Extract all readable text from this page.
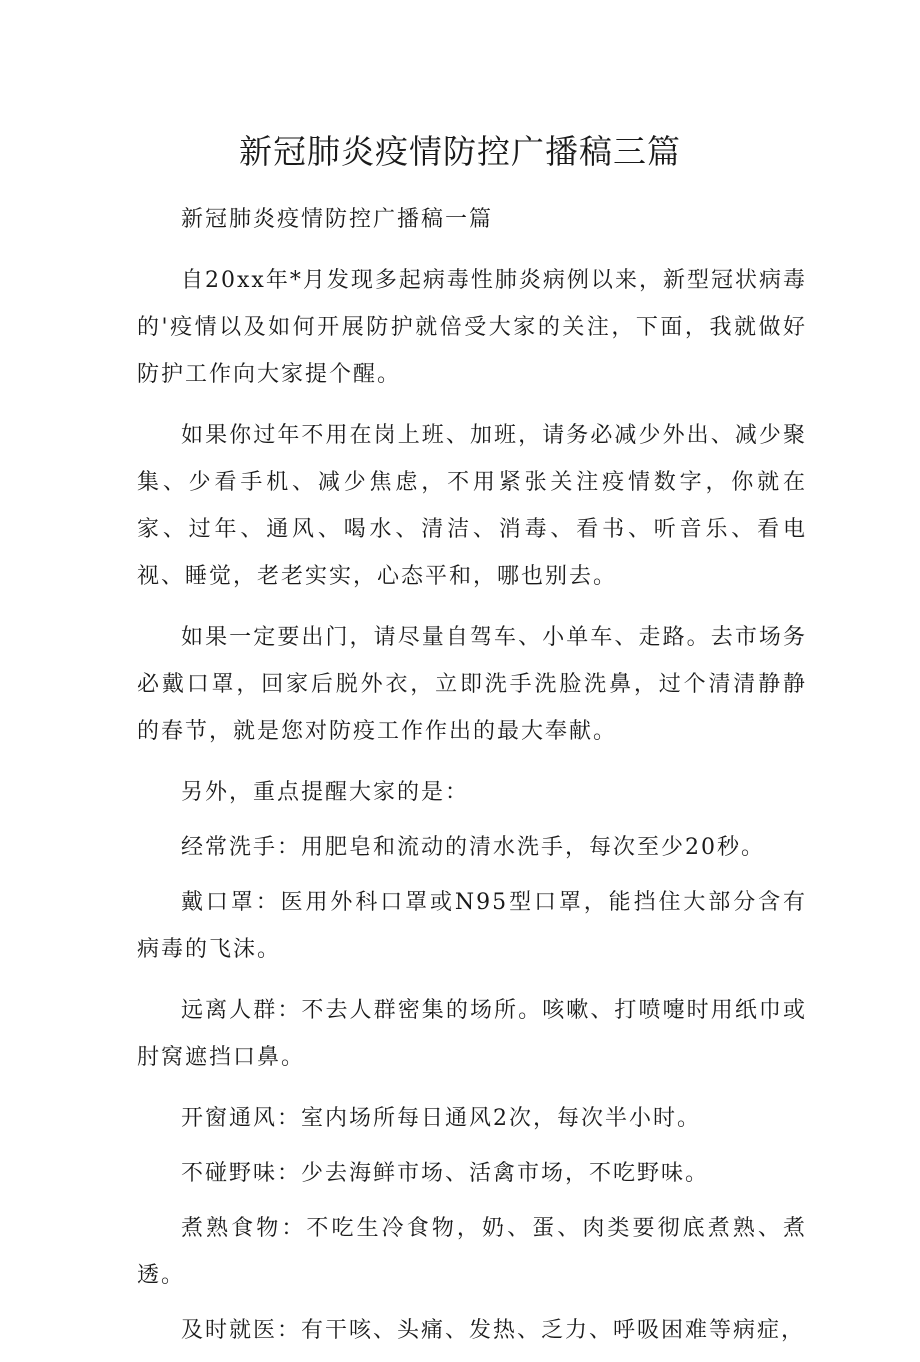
新冠肺炎疫情防控广播稿三篇

新冠肺炎疫情防控广播稿一篇

自20xx年*月发现多起病毒性肺炎病例以来，新型冠状病毒的'疫情以及如何开展防护就倍受大家的关注，下面，我就做好防护工作向大家提个醒。

如果你过年不用在岗上班、加班，请务必减少外出、减少聚集、少看手机、减少焦虑，不用紧张关注疫情数字，你就在家、过年、通风、喝水、清洁、消毒、看书、听音乐、看电视、睡觉，老老实实，心态平和，哪也别去。

如果一定要出门，请尽量自驾车、小单车、走路。去市场务必戴口罩，回家后脱外衣，立即洗手洗脸洗鼻，过个清清静静的春节，就是您对防疫工作作出的最大奉献。

另外，重点提醒大家的是：

经常洗手：用肥皂和流动的清水洗手，每次至少20秒。

戴口罩：医用外科口罩或N95型口罩，能挡住大部分含有病毒的飞沫。

远离人群：不去人群密集的场所。咳嗽、打喷嚏时用纸巾或肘窝遮挡口鼻。

开窗通风：室内场所每日通风2次，每次半小时。

不碰野味：少去海鲜市场、活禽市场，不吃野味。

煮熟食物：不吃生冷食物，奶、蛋、肉类要彻底煮熟、煮透。

及时就医：有干咳、头痛、发热、乏力、呼吸困难等病症，
